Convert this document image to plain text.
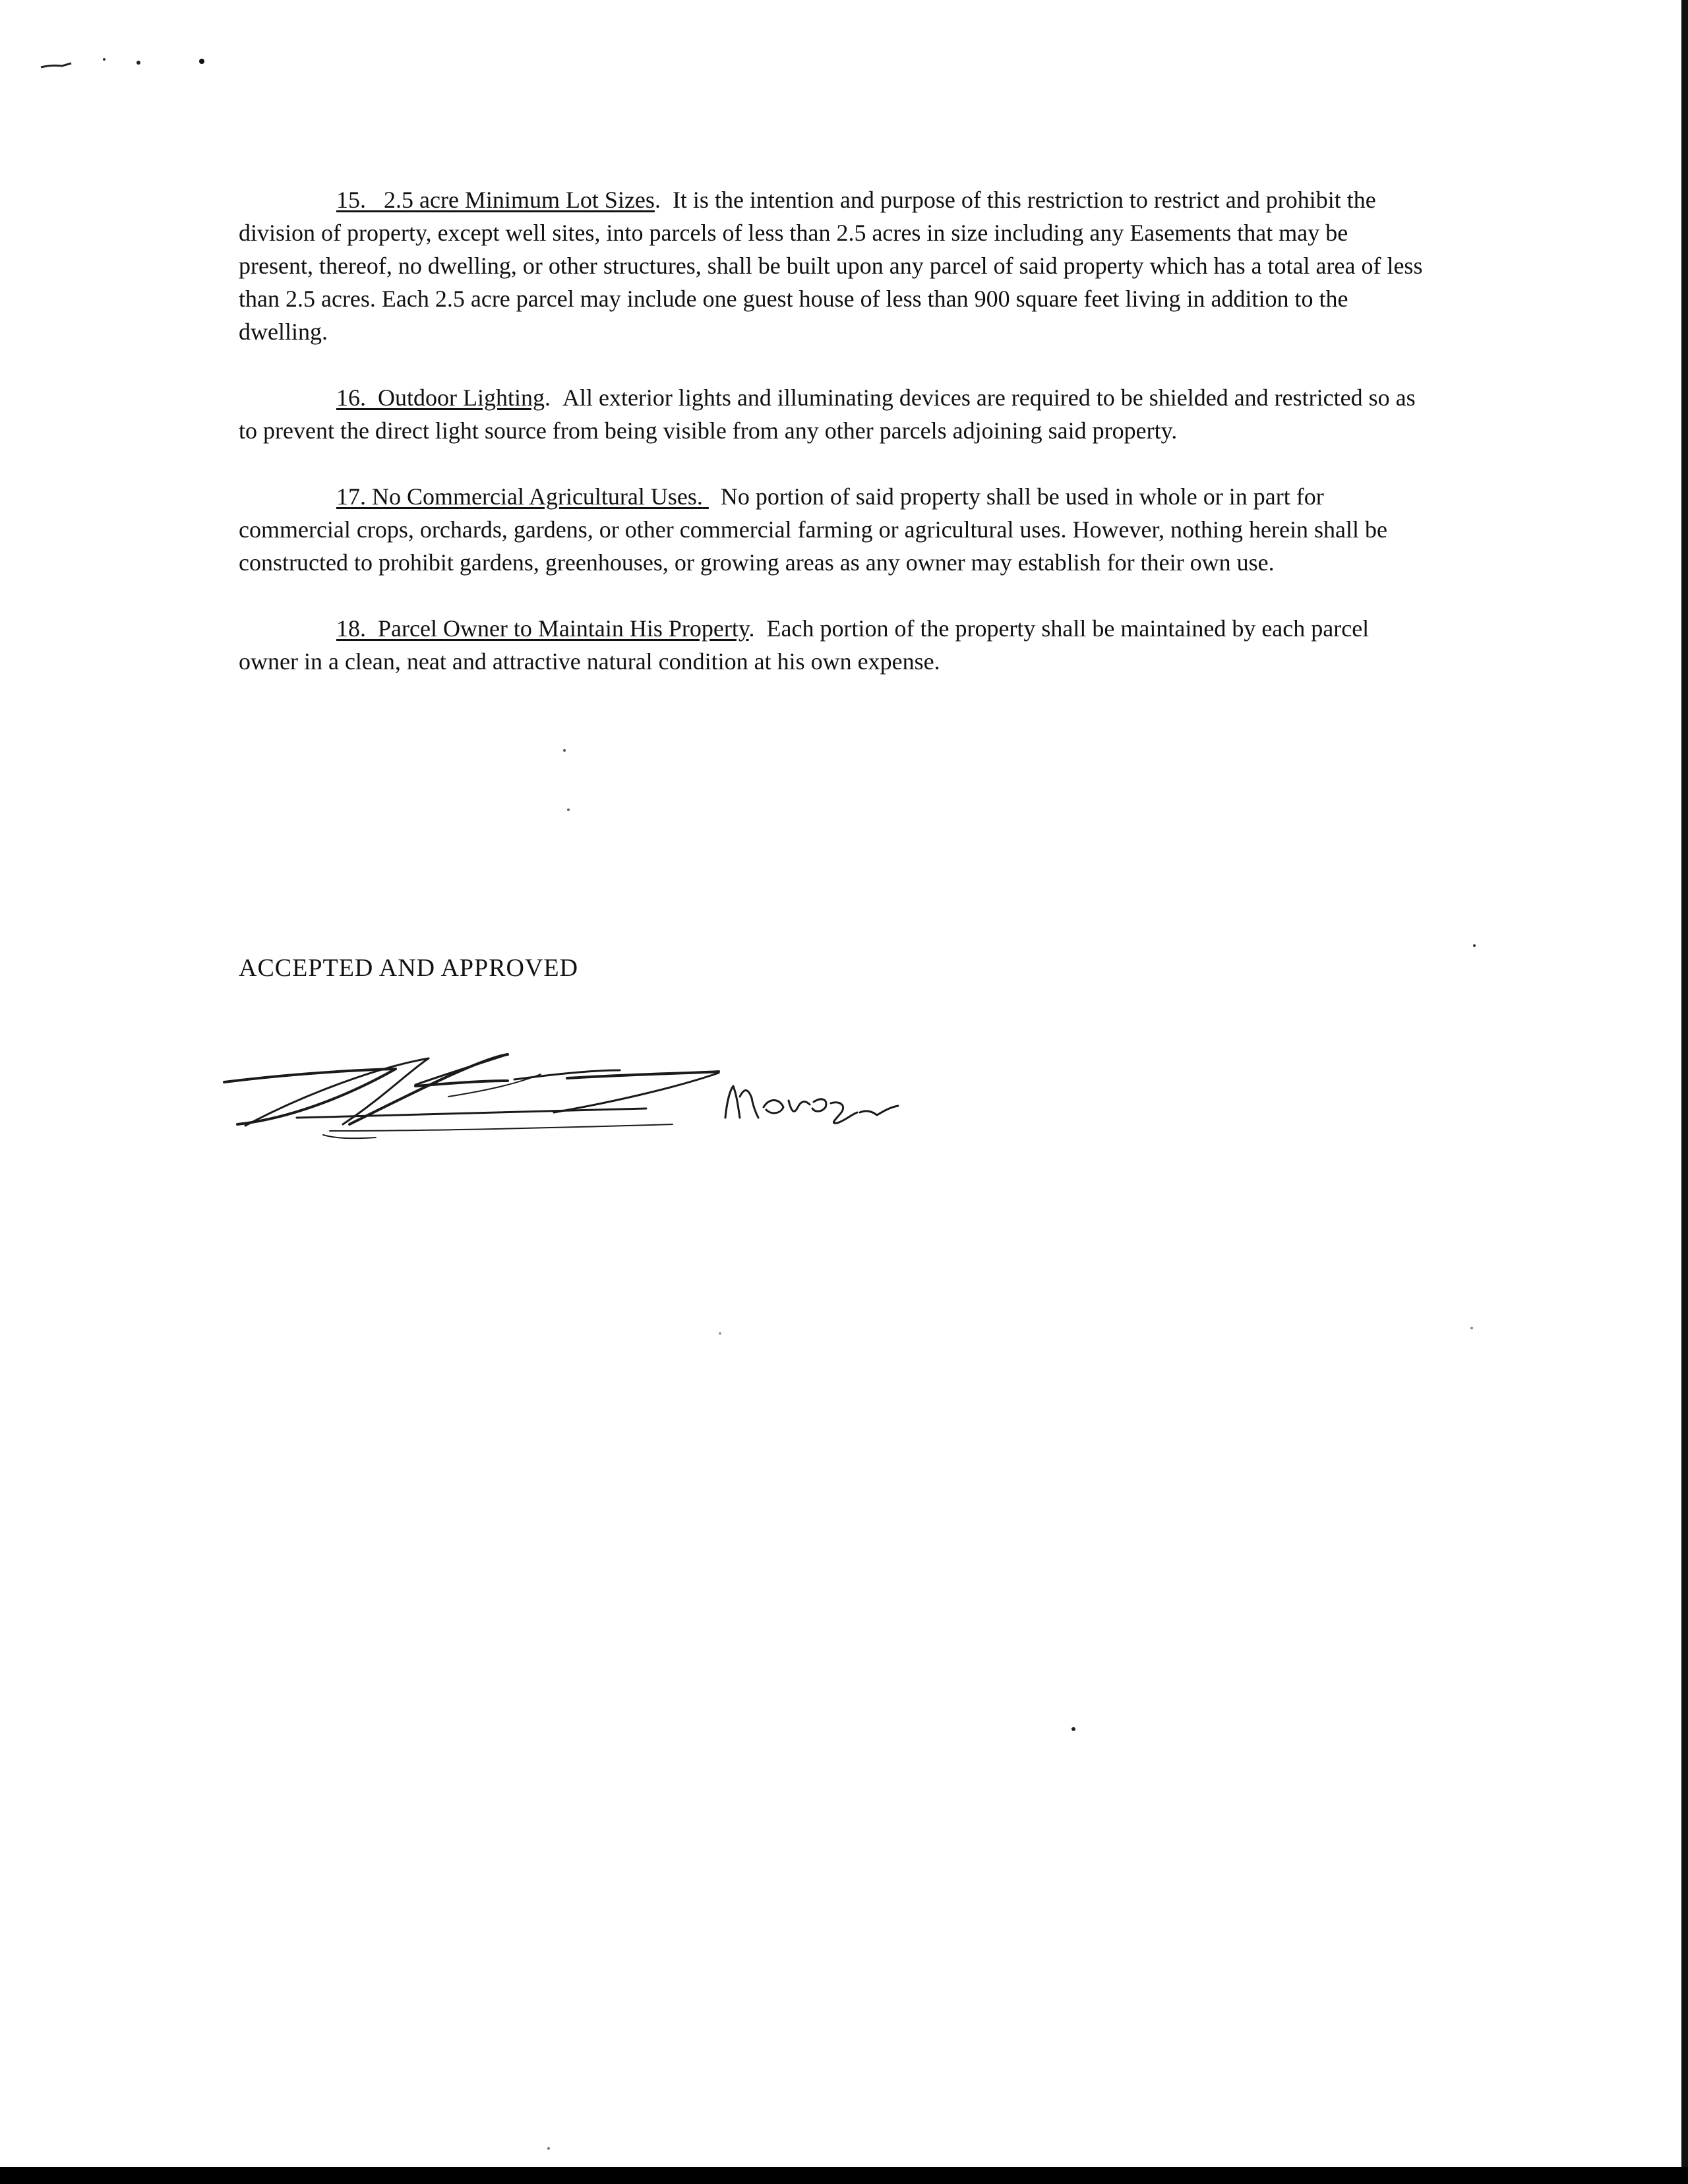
15. 2.5 acre Minimum Lot Sizes.  It is the intention and purpose of this restriction to restrict and prohibit the division of property, except well sites, into parcels of less than 2.5 acres in size including any Easements that may be present, thereof, no dwelling, or other structures, shall be built upon any parcel of said property which has a total area of less than 2.5 acres. Each 2.5 acre parcel may include one guest house of less than 900 square feet living in addition to the dwelling.

16. Outdoor Lighting.  All exterior lights and illuminating devices are required to be shielded and restricted so as to prevent the direct light source from being visible from any other parcels adjoining said property.

17. No Commercial Agricultural Uses. No portion of said property shall be used in whole or in part for commercial crops, orchards, gardens, or other commercial farming or agricultural uses. However, nothing herein shall be constructed to prohibit gardens, greenhouses, or growing areas as any owner may establish for their own use.

18. Parcel Owner to Maintain His Property.  Each portion of the property shall be maintained by each parcel owner in a clean, neat and attractive natural condition at his own expense.

ACCEPTED AND APPROVED
